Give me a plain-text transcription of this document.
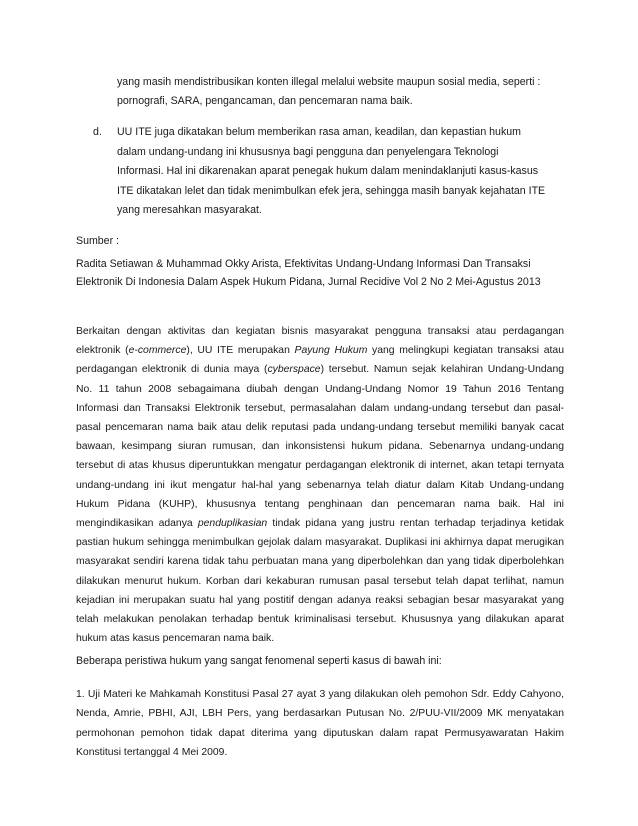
yang masih mendistribusikan konten illegal melalui website maupun sosial media, seperti : pornografi, SARA, pengancaman, dan pencemaran nama baik.
d. UU ITE juga dikatakan belum memberikan rasa aman, keadilan, dan kepastian hukum dalam undang-undang ini khususnya bagi pengguna dan penyelengara Teknologi Informasi. Hal ini dikarenakan aparat penegak hukum dalam menindaklanjuti kasus-kasus ITE dikatakan lelet dan tidak menimbulkan efek jera, sehingga masih banyak kejahatan ITE yang meresahkan masyarakat.
Sumber :
Radita Setiawan & Muhammad Okky Arista, Efektivitas Undang-Undang Informasi Dan Transaksi Elektronik Di Indonesia Dalam Aspek Hukum Pidana, Jurnal Recidive Vol 2 No 2 Mei-Agustus 2013
Berkaitan dengan aktivitas dan kegiatan bisnis masyarakat pengguna transaksi atau perdagangan elektronik (e-commerce), UU ITE merupakan Payung Hukum yang melingkupi kegiatan transaksi atau perdagangan elektronik di dunia maya (cyberspace) tersebut. Namun sejak kelahiran Undang-Undang No. 11 tahun 2008 sebagaimana diubah dengan Undang-Undang Nomor 19 Tahun 2016 Tentang Informasi dan Transaksi Elektronik tersebut, permasalahan dalam undang-undang tersebut dan pasal-pasal pencemaran nama baik atau delik reputasi pada undang-undang tersebut memiliki banyak cacat bawaan, kesimpang siuran rumusan, dan inkonsistensi hukum pidana. Sebenarnya undang-undang tersebut di atas khusus diperuntukkan mengatur perdagangan elektronik di internet, akan tetapi ternyata undang-undang ini ikut mengatur hal-hal yang sebenarnya telah diatur dalam Kitab Undang-undang Hukum Pidana (KUHP), khususnya tentang penghinaan dan pencemaran nama baik. Hal ini mengindikasikan adanya penduplikasian tindak pidana yang justru rentan terhadap terjadinya ketidak pastian hukum sehingga menimbulkan gejolak dalam masyarakat. Duplikasi ini akhirnya dapat merugikan masyarakat sendiri karena tidak tahu perbuatan mana yang diperbolehkan dan yang tidak diperbolehkan dilakukan menurut hukum. Korban dari kekaburan rumusan pasal tersebut telah dapat terlihat, namun kejadian ini merupakan suatu hal yang postitif dengan adanya reaksi sebagian besar masyarakat yang telah melakukan penolakan terhadap bentuk kriminalisasi tersebut. Khususnya yang dilakukan aparat hukum atas kasus pencemaran nama baik.
Beberapa peristiwa hukum yang sangat fenomenal seperti kasus di bawah ini:
1. Uji Materi ke Mahkamah Konstitusi Pasal 27 ayat 3 yang dilakukan oleh pemohon Sdr. Eddy Cahyono, Nenda, Amrie, PBHI, AJI, LBH Pers, yang berdasarkan Putusan No. 2/PUU-VII/2009 MK menyatakan permohonan pemohon tidak dapat diterima yang diputuskan dalam rapat Permusyawaratan Hakim Konstitusi tertanggal 4 Mei 2009.
